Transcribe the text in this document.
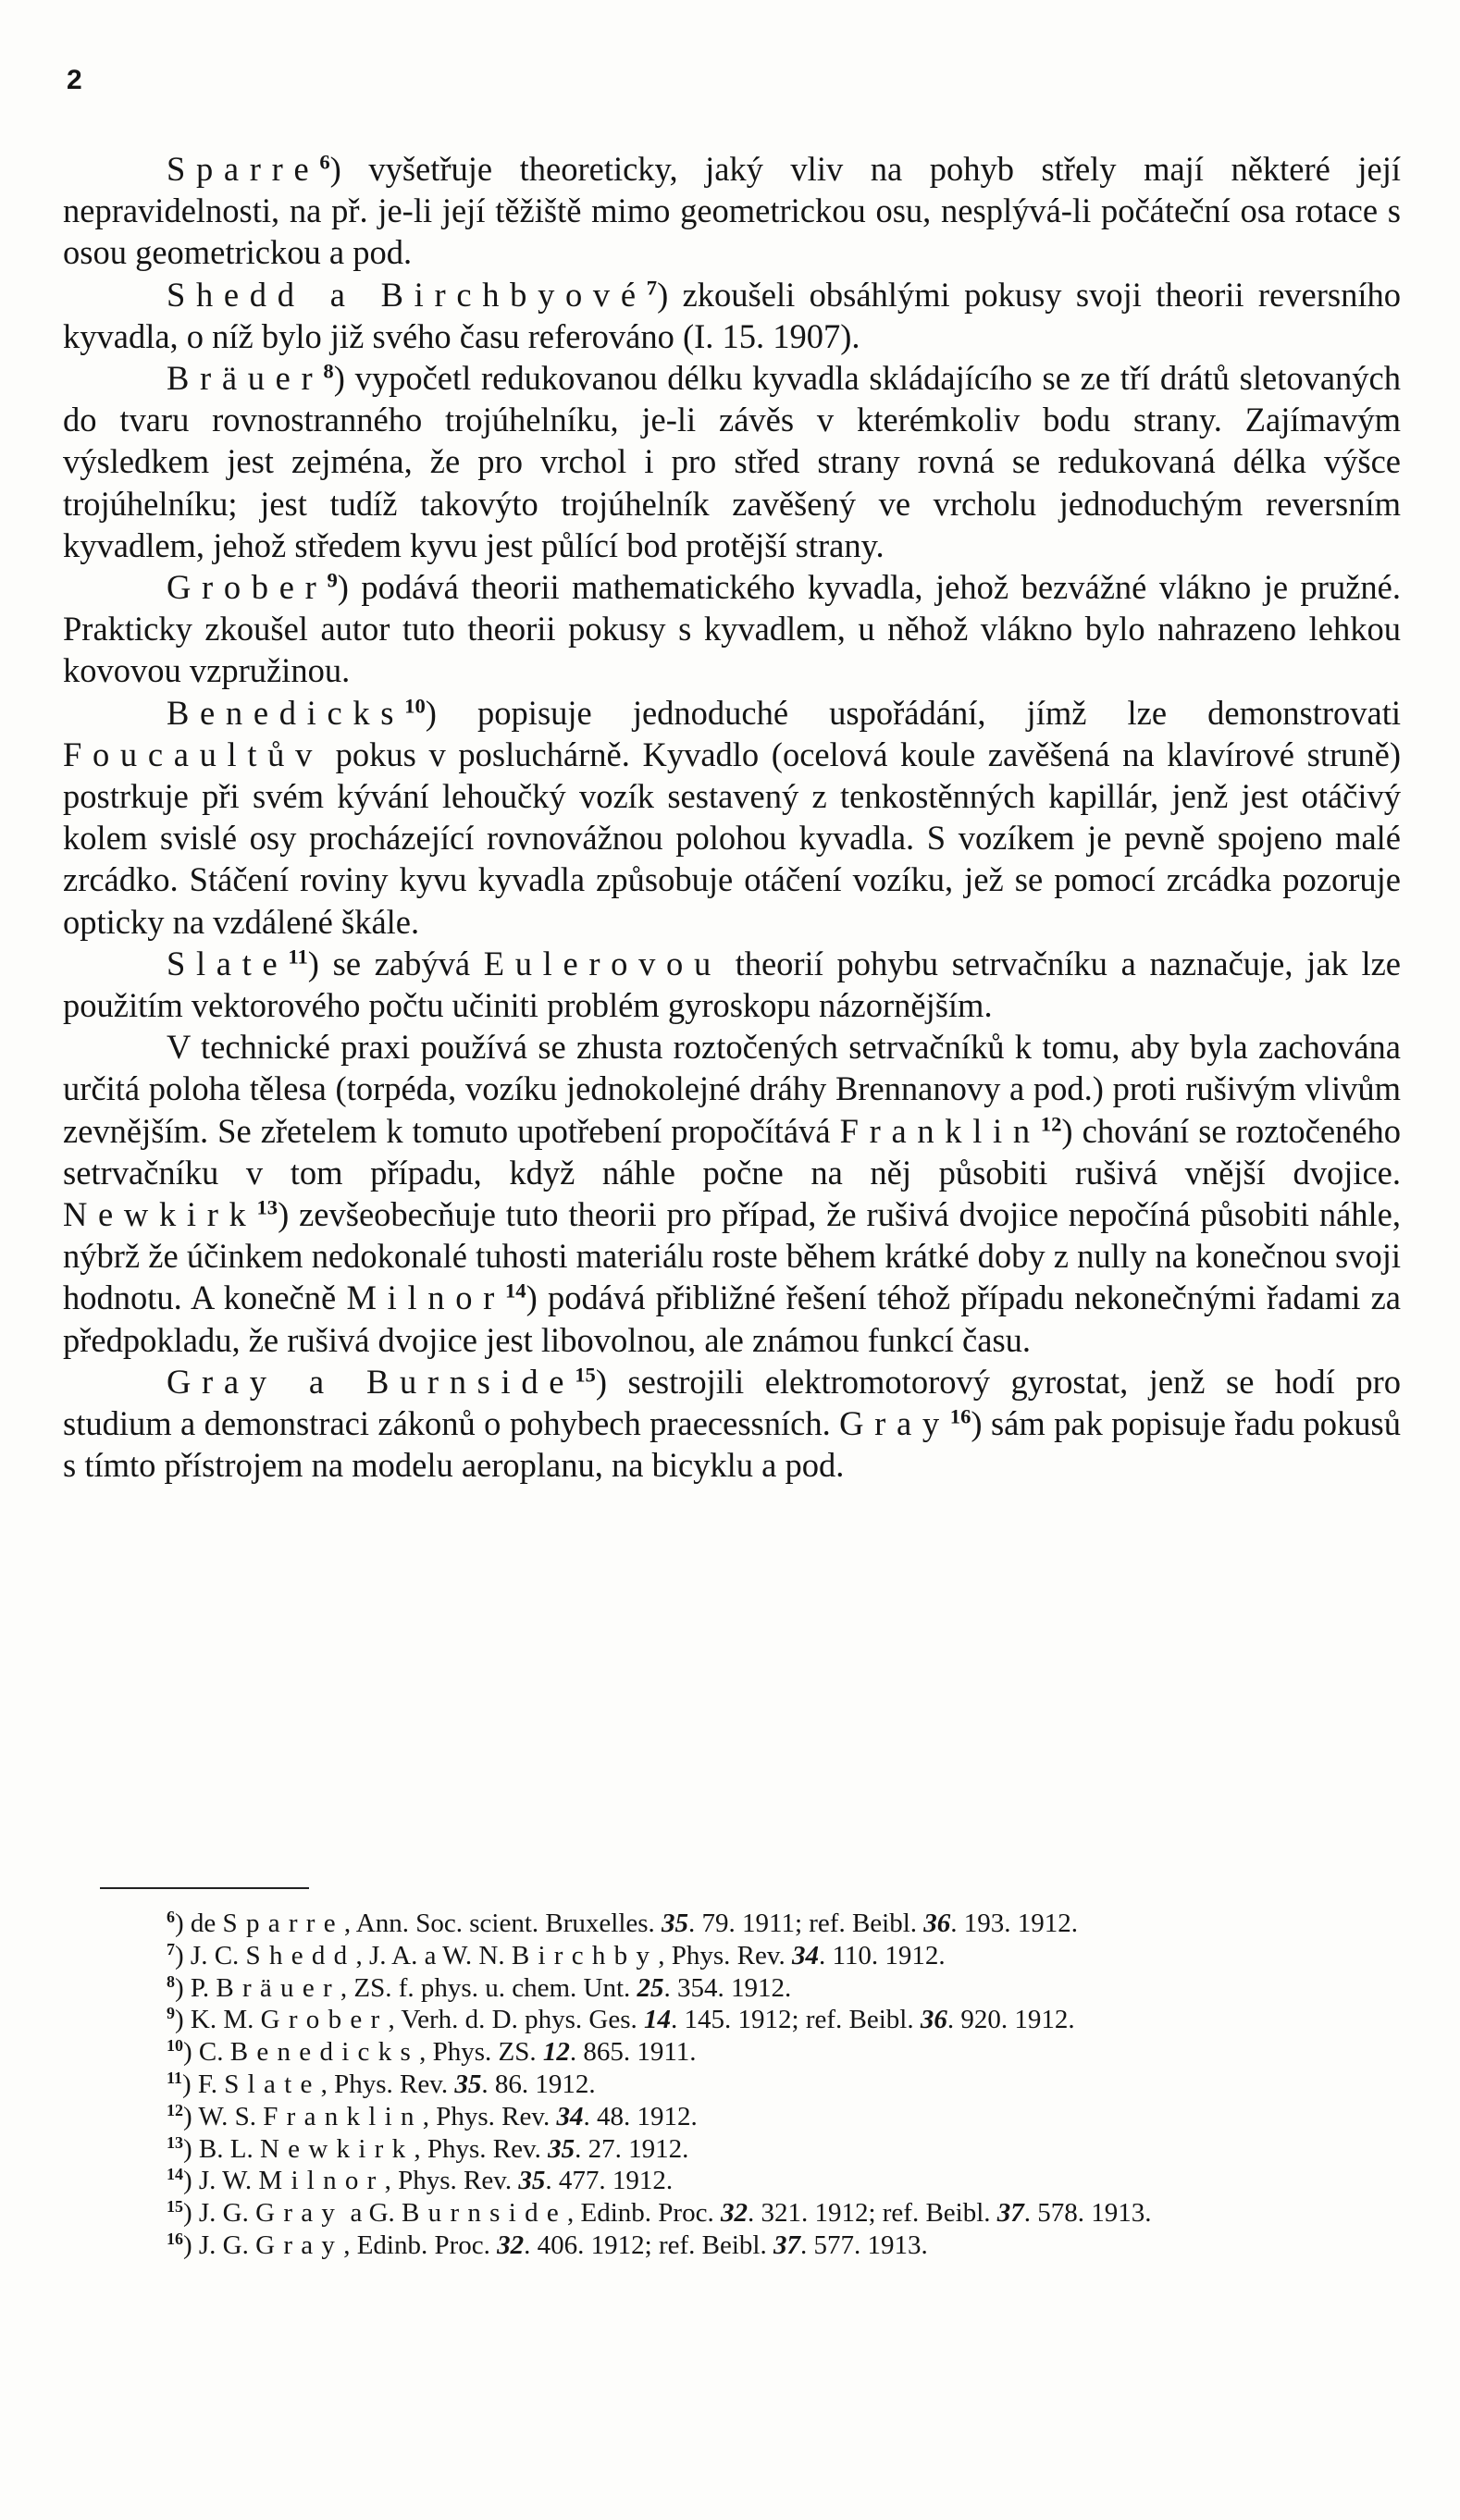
2

Sparre$^6$) vyšetřuje theoreticky, jaký vliv na pohyb střely mají některé její nepravidelnosti, na př. je-li její těžiště mimo geometrickou osu, nesplývá-li počáteční osa rotace s osou geometrickou a pod.

Shedd a Birchbyové$^7$) zkoušeli obsáhlými pokusy svoji theorii reversního kyvadla, o níž bylo již svého času referováno (I. 15. 1907).

Bräuer$^8$) vypočetl redukovanou délku kyvadla skládajícího se ze tří drátů sletovaných do tvaru rovnostranného trojúhelníku, je-li závěs v kterémkoliv bodu strany. Zajímavým výsledkem jest zejména, že pro vrchol i pro střed strany rovná se redukovaná délka výšce trojúhelníku; jest tudíž takovýto trojúhelník zavěšený ve vrcholu jednoduchým reversním kyvadlem, jehož středem kyvu jest půlící bod protější strany.

Grober$^9$) podává theorii mathematického kyvadla, jehož bezvážné vlákno je pružné. Prakticky zkoušel autor tuto theorii pokusy s kyvadlem, u něhož vlákno bylo nahrazeno lehkou kovovou vzpružinou.

Benedicks$^{10}$) popisuje jednoduché uspořádání, jímž lze demonstrovati Foucaultův pokus v posluchárně. Kyvadlo (ocelová koule zavěšená na klavírové struně) postrkuje při svém kývání lehoučký vozík sestavený z tenkostěnných kapillár, jenž jest otáčivý kolem svislé osy procházející rovnovážnou polohou kyvadla. S vozíkem je pevně spojeno malé zrcádko. Stáčení roviny kyvu kyvadla způsobuje otáčení vozíku, jež se pomocí zrcádka pozoruje opticky na vzdálené škále.

Slate$^{11}$) se zabývá Eulerovou theorií pohybu setrvačníku a naznačuje, jak lze použitím vektorového počtu učiniti problém gyroskopu názornějším.

V technické praxi používá se zhusta roztočených setrvačníků k tomu, aby byla zachována určitá poloha tělesa (torpéda, vozíku jednokolejné dráhy Brennanovy a pod.) proti rušivým vlivům zevnějším. Se zřetelem k tomuto upotřebení propočítává Franklin$^{12}$) chování se roztočeného setrvačníku v tom případu, když náhle počne na něj působiti rušivá vnější dvojice. Newkirk$^{13}$) zevšeobecňuje tuto theorii pro případ, že rušivá dvojice nepočíná působiti náhle, nýbrž že účinkem nedokonalé tuhosti materiálu roste během krátké doby z nully na konečnou svoji hodnotu. A konečně Milnor$^{14}$) podává přibližné řešení téhož případu nekonečnými řadami za předpokladu, že rušivá dvojice jest libovolnou, ale známou funkcí času.

Gray a Burnside$^{15}$) sestrojili elektromotorový gyrostat, jenž se hodí pro studium a demonstraci zákonů o pohybech praecessních. Gray$^{16}$) sám pak popisuje řadu pokusů s tímto přístrojem na modelu aeroplanu, na bicyklu a pod.

$^6$) de Sparre, Ann. Soc. scient. Bruxelles. 35. 79. 1911; ref. Beibl. 36. 193. 1912.

$^7$) J. C. Shedd, J. A. a W. N. Birchby, Phys. Rev. 34. 110. 1912.

$^8$) P. Bräuer, ZS. f. phys. u. chem. Unt. 25. 354. 1912.

$^9$) K. M. Grober, Verh. d. D. phys. Ges. 14. 145. 1912; ref. Beibl. 36. 920. 1912.

$^{10}$) C. Benedicks, Phys. ZS. 12. 865. 1911.

$^{11}$) F. Slate, Phys. Rev. 35. 86. 1912.

$^{12}$) W. S. Franklin, Phys. Rev. 34. 48. 1912.

$^{13}$) B. L. Newkirk, Phys. Rev. 35. 27. 1912.

$^{14}$) J. W. Milnor, Phys. Rev. 35. 477. 1912.

$^{15}$) J. G. Gray a G. Burnside, Edinb. Proc. 32. 321. 1912; ref. Beibl. 37. 578. 1913.

$^{16}$) J. G. Gray, Edinb. Proc. 32. 406. 1912; ref. Beibl. 37. 577. 1913.
